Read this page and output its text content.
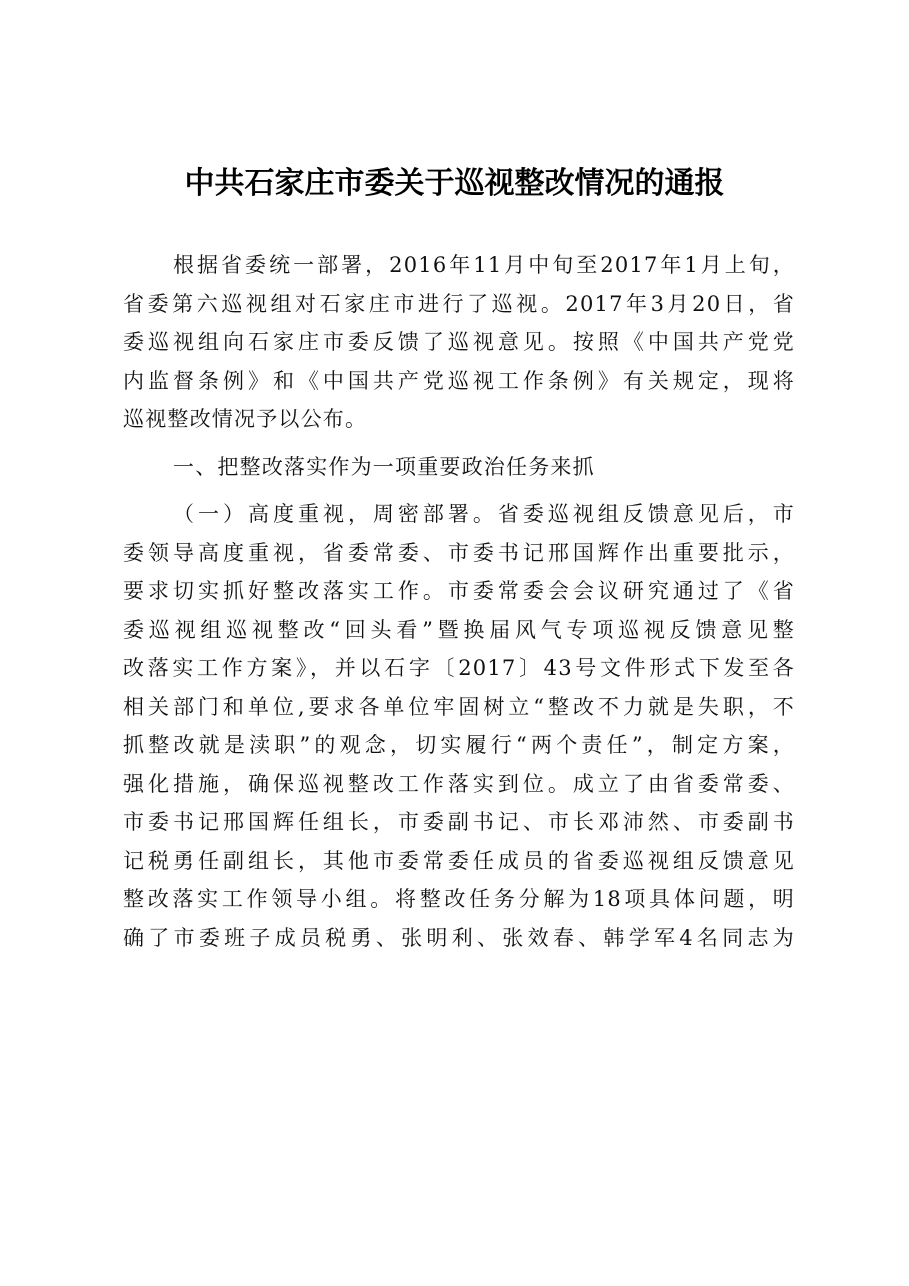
中共石家庄市委关于巡视整改情况的通报
根据省委统一部署，2016年11月中旬至2017年1月上旬，
省委第六巡视组对石家庄市进行了巡视。2017年3月20日，省
委巡视组向石家庄市委反馈了巡视意见。按照《中国共产党党
内监督条例》和《中国共产党巡视工作条例》有关规定，现将
巡视整改情况予以公布。
一、把整改落实作为一项重要政治任务来抓
（一）高度重视，周密部署。省委巡视组反馈意见后，市
委领导高度重视，省委常委、市委书记邢国辉作出重要批示，
要求切实抓好整改落实工作。市委常委会会议研究通过了《省
委巡视组巡视整改“回头看”暨换届风气专项巡视反馈意见整
改落实工作方案》，并以石字〔2017〕43号文件形式下发至各
相关部门和单位,要求各单位牢固树立“整改不力就是失职，不
抓整改就是渎职”的观念，切实履行“两个责任”，制定方案，
强化措施，确保巡视整改工作落实到位。成立了由省委常委、
市委书记邢国辉任组长，市委副书记、市长邓沛然、市委副书
记税勇任副组长，其他市委常委任成员的省委巡视组反馈意见
整改落实工作领导小组。将整改任务分解为18项具体问题，明
确了市委班子成员税勇、张明利、张效春、韩学军4名同志为
